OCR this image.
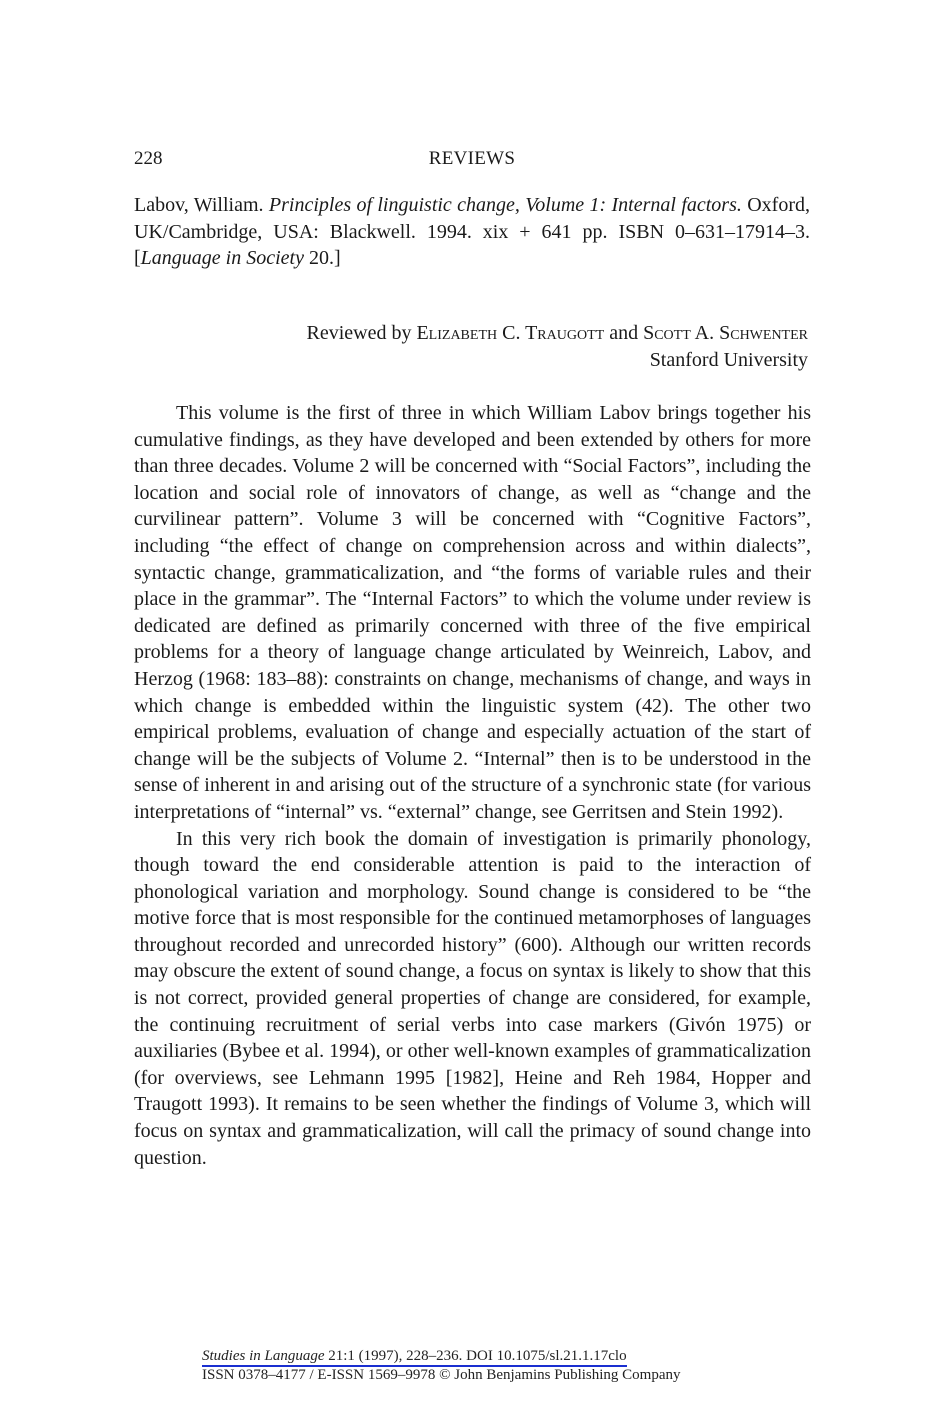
228	REVIEWS
Labov, William. Principles of linguistic change, Volume 1: Internal factors. Oxford, UK/Cambridge, USA: Blackwell. 1994. xix + 641 pp. ISBN 0–631–17914–3. [Language in Society 20.]
Reviewed by Elizabeth C. Traugott and Scott A. Schwenter
Stanford University

This volume is the first of three in which William Labov brings together his cumulative findings, as they have developed and been extended by others for more than three decades. Volume 2 will be concerned with “Social Factors”, including the location and social role of innovators of change, as well as “change and the curvilinear pattern”. Volume 3 will be concerned with “Cognitive Factors”, including “the effect of change on comprehension across and within dialects”, syntactic change, grammaticalization, and “the forms of variable rules and their place in the grammar”. The “Internal Factors” to which the volume under review is dedicated are defined as primarily concerned with three of the five empirical problems for a theory of language change articulated by Weinreich, Labov, and Herzog (1968: 183–88): constraints on change, mechanisms of change, and ways in which change is embedded within the linguistic system (42). The other two empirical problems, evaluation of change and especially actuation of the start of change will be the subjects of Volume 2. “Internal” then is to be understood in the sense of inherent in and arising out of the structure of a synchronic state (for various interpretations of “internal” vs. “external” change, see Gerritsen and Stein 1992).

In this very rich book the domain of investigation is primarily phonology, though toward the end considerable attention is paid to the interaction of phonological variation and morphology. Sound change is considered to be “the motive force that is most responsible for the continued metamorphoses of languages throughout recorded and unrecorded history” (600). Although our written records may obscure the extent of sound change, a focus on syntax is likely to show that this is not correct, provided general properties of change are considered, for example, the continuing recruitment of serial verbs into case markers (Givón 1975) or auxiliaries (Bybee et al. 1994), or other well-known examples of grammaticalization (for overviews, see Lehmann 1995 [1982], Heine and Reh 1984, Hopper and Traugott 1993). It remains to be seen whether the findings of Volume 3, which will focus on syntax and grammaticalization, will call the primacy of sound change into question.

Studies in Language 21:1 (1997), 228–236. DOI 10.1075/sl.21.1.17clo
ISSN 0378–4177 / E-ISSN 1569–9978 © John Benjamins Publishing Company
